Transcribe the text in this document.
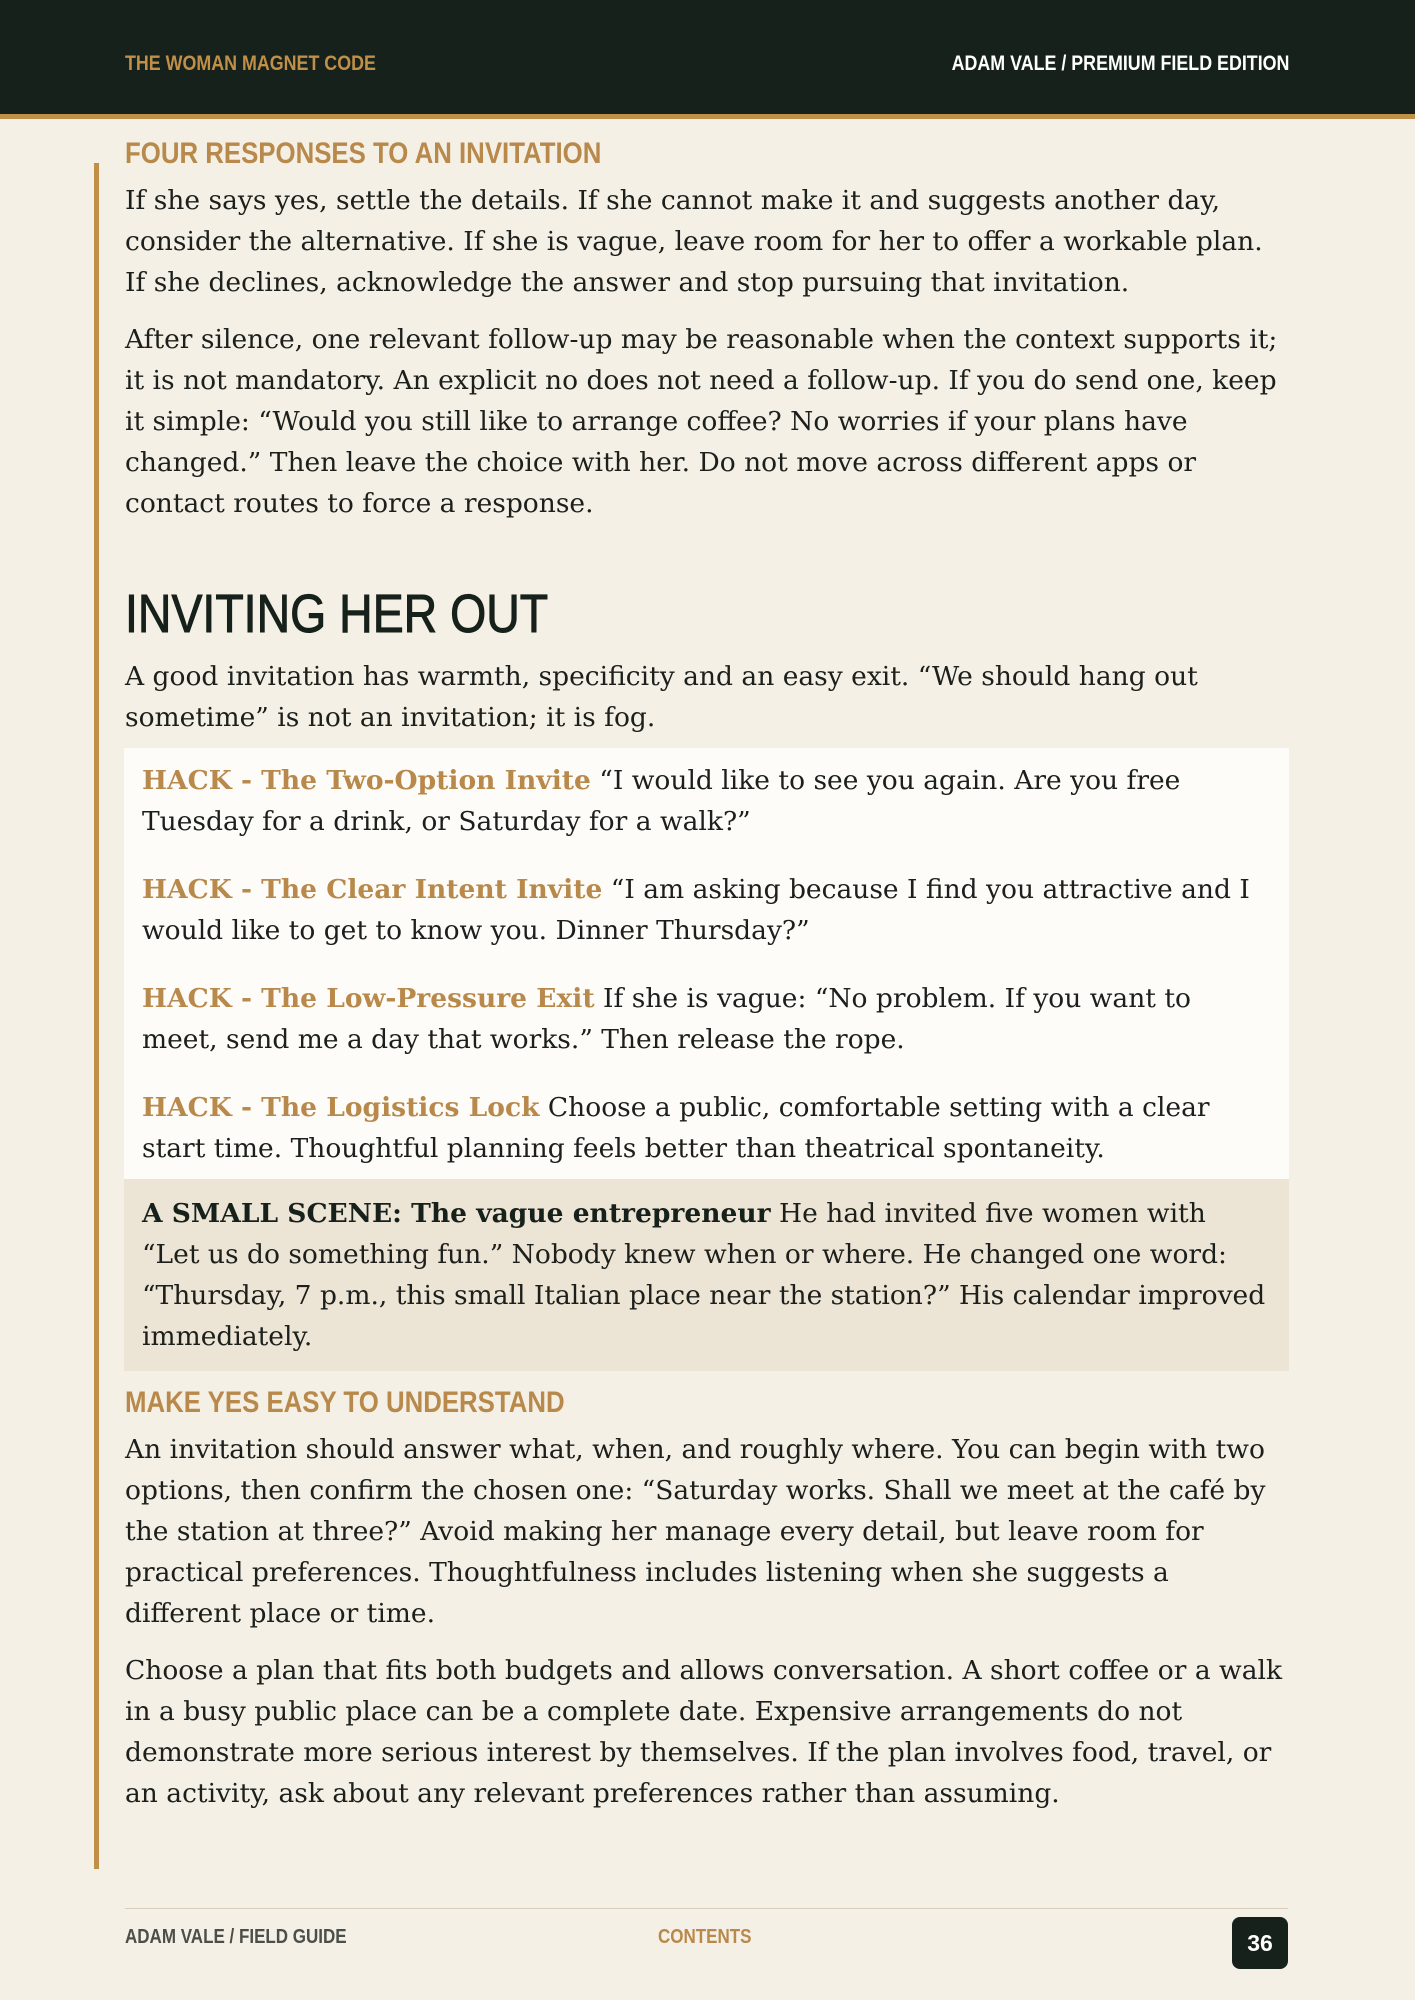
THE WOMAN MAGNET CODE	ADAM VALE / PREMIUM FIELD EDITION
FOUR RESPONSES TO AN INVITATION

If she says yes, settle the details. If she cannot make it and suggests another day, consider the alternative. If she is vague, leave room for her to offer a workable plan. If she declines, acknowledge the answer and stop pursuing that invitation.

After silence, one relevant follow-up may be reasonable when the context supports it; it is not mandatory. An explicit no does not need a follow-up. If you do send one, keep it simple: “Would you still like to arrange coffee? No worries if your plans have changed.” Then leave the choice with her. Do not move across different apps or contact routes to force a response.

INVITING HER OUT

A good invitation has warmth, specificity and an easy exit. “We should hang out sometime” is not an invitation; it is fog.

HACK - The Two-Option Invite “I would like to see you again. Are you free Tuesday for a drink, or Saturday for a walk?”
HACK - The Clear Intent Invite “I am asking because I find you attractive and I would like to get to know you. Dinner Thursday?”
HACK - The Low-Pressure Exit If she is vague: “No problem. If you want to meet, send me a day that works.” Then release the rope.
HACK - The Logistics Lock Choose a public, comfortable setting with a clear start time. Thoughtful planning feels better than theatrical spontaneity.
A SMALL SCENE: The vague entrepreneur He had invited five women with “Let us do something fun.” Nobody knew when or where. He changed one word: “Thursday, 7 p.m., this small Italian place near the station?” His calendar improved immediately.
MAKE YES EASY TO UNDERSTAND

An invitation should answer what, when, and roughly where. You can begin with two options, then confirm the chosen one: “Saturday works. Shall we meet at the café by the station at three?” Avoid making her manage every detail, but leave room for practical preferences. Thoughtfulness includes listening when she suggests a different place or time.

Choose a plan that fits both budgets and allows conversation. A short coffee or a walk in a busy public place can be a complete date. Expensive arrangements do not demonstrate more serious interest by themselves. If the plan involves food, travel, or an activity, ask about any relevant preferences rather than assuming.

ADAM VALE / FIELD GUIDE	CONTENTS	36
